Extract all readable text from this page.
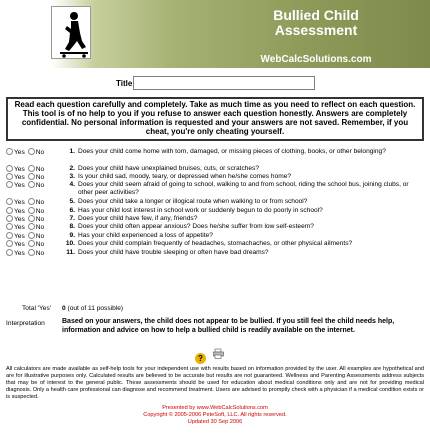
Bullied Child Assessment
WebCalcSolutions.com
Title
Read each question carefully and completely. Take as much time as you need to reflect on each question. This tool is of no help to you if you refuse to answer each question honestly. Answers are completely confidential. No personal information is requested and your answers are not saved. Remember, if you cheat, you're only cheating yourself.
Yes No	1. Does your child come home with torn, damaged, or missing pieces of clothing, books, or other belonging?
Yes No	2. Does your child have unexplained bruises, cuts, or scratches?
Yes No	3. Is your child sad, moody, teary, or depressed when he/she comes home?
Yes No	4. Does your child seem afraid of going to school, walking to and from school, riding the school bus, joining clubs, or other peer activities?
Yes No	5. Does your child take a longer or illogical route when walking to or from school?
Yes No	6. Has your child lost interest in school work or suddenly begun to do poorly in school?
Yes No	7. Does your child have few, if any, friends?
Yes No	8. Does your child often appear anxious? Does he/she suffer from low self-esteem?
Yes No	9. Has your child experienced a loss of appetite?
Yes No	10. Does your child complain frequently of headaches, stomachaches, or other physical ailments?
Yes No	11. Does your child have trouble sleeping or often have bad dreams?
Total 'Yes' 0 (out of 11 possible)
Interpretation Based on your answers, the child does not appear to be bullied. If you still feel the child needs help, information and advice on how to help a bullied child is readily available on the internet.
?
All calculators are made available as self-help tools for your independent use with results based on information provided by the user. All examples are hypothetical and are for illustrative purposes only. Calculated results are believed to be accurate but results are not guaranteed. Wellness and Parenting Assessments address subjects that may be of interest to the general public. These assessments should be used for education about medical conditions only and are not for providing medical diagnosis. Only a health care professional can diagnose and recommend treatment. Users are advised to promptly check with a physician if a medical condition exists or is suspected.
Presented by www.WebCalcSolutions.com
Copyright © 2005-2006 PeteSoft, LLC. All rights reserved.
Updated 30 Sep 2006
